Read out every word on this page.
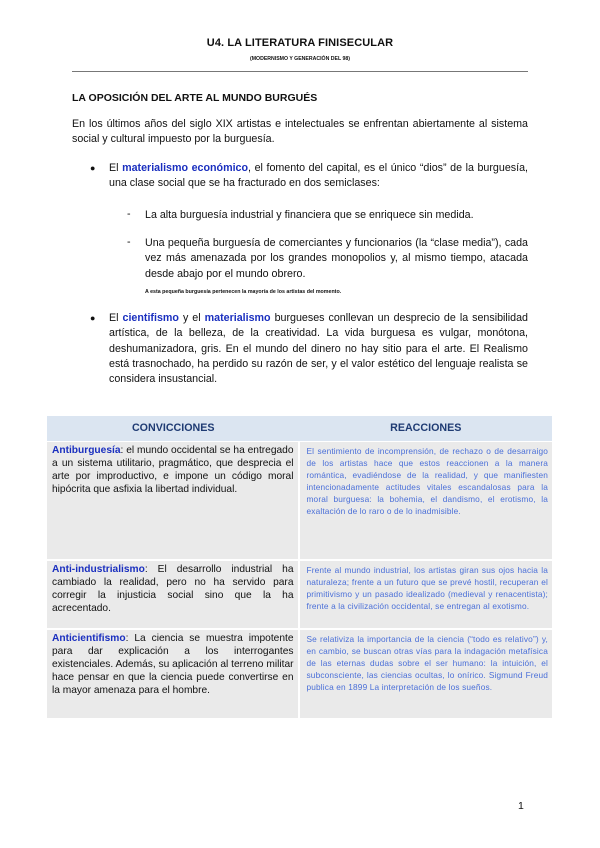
U4. LA LITERATURA FINISECULAR
(MODERNISMO Y GENERACIÓN DEL 98)
LA OPOSICIÓN DEL ARTE AL MUNDO BURGUÉS
En los últimos años del siglo XIX artistas e intelectuales se enfrentan abiertamente al sistema social y cultural impuesto por la burguesía.
● El materialismo económico, el fomento del capital, es el único “dios” de la burguesía, una clase social que se ha fracturado en dos semiclases:
- La alta burguesía industrial y financiera que se enriquece sin medida.
- Una pequeña burguesía de comerciantes y funcionarios (la “clase media”), cada vez más amenazada por los grandes monopolios y, al mismo tiempo, atacada desde abajo por el mundo obrero.
A esta pequeña burguesía pertenecen la mayoría de los artistas del momento.
● El cientifismo y el materialismo burgueses conllevan un desprecio de la sensibilidad artística, de la belleza, de la creatividad. La vida burguesa es vulgar, monótona, deshumanizadora, gris. En el mundo del dinero no hay sitio para el arte. El Realismo está trasnochado, ha perdido su razón de ser, y el valor estético del lenguaje realista se considera insustancial.
CONVICCIONES	REACCIONES
Antiburguesía: el mundo occidental se ha entregado a un sistema utilitario, pragmático, que desprecia el arte por improductivo, e impone un código moral hipócrita que asfixia la libertad individual.
El sentimiento de incomprensión, de rechazo o de desarraigo de los artistas hace que estos reaccionen a la manera romántica, evadiéndose de la realidad, y que manifiesten intencionadamente actitudes vitales escandalosas para la moral burguesa: la bohemia, el dandismo, el erotismo, la exaltación de lo raro o de lo inadmisible.
Anti-industrialismo: El desarrollo industrial ha cambiado la realidad, pero no ha servido para corregir la injusticia social sino que la ha acrecentado.
Frente al mundo industrial, los artistas giran sus ojos hacia la naturaleza; frente a un futuro que se prevé hostil, recuperan el primitivismo y un pasado idealizado (medieval y renacentista); frente a la civilización occidental, se entregan al exotismo.
Anticientifismo: La ciencia se muestra impotente para dar explicación a los interrogantes existenciales. Además, su aplicación al terreno militar hace pensar en que la ciencia puede convertirse en la mayor amenaza para el hombre.
Se relativiza la importancia de la ciencia (“todo es relativo”) y, en cambio, se buscan otras vías para la indagación metafísica de las eternas dudas sobre el ser humano: la intuición, el subconsciente, las ciencias ocultas, lo onírico. Sigmund Freud publica en 1899 La interpretación de los sueños.
1
